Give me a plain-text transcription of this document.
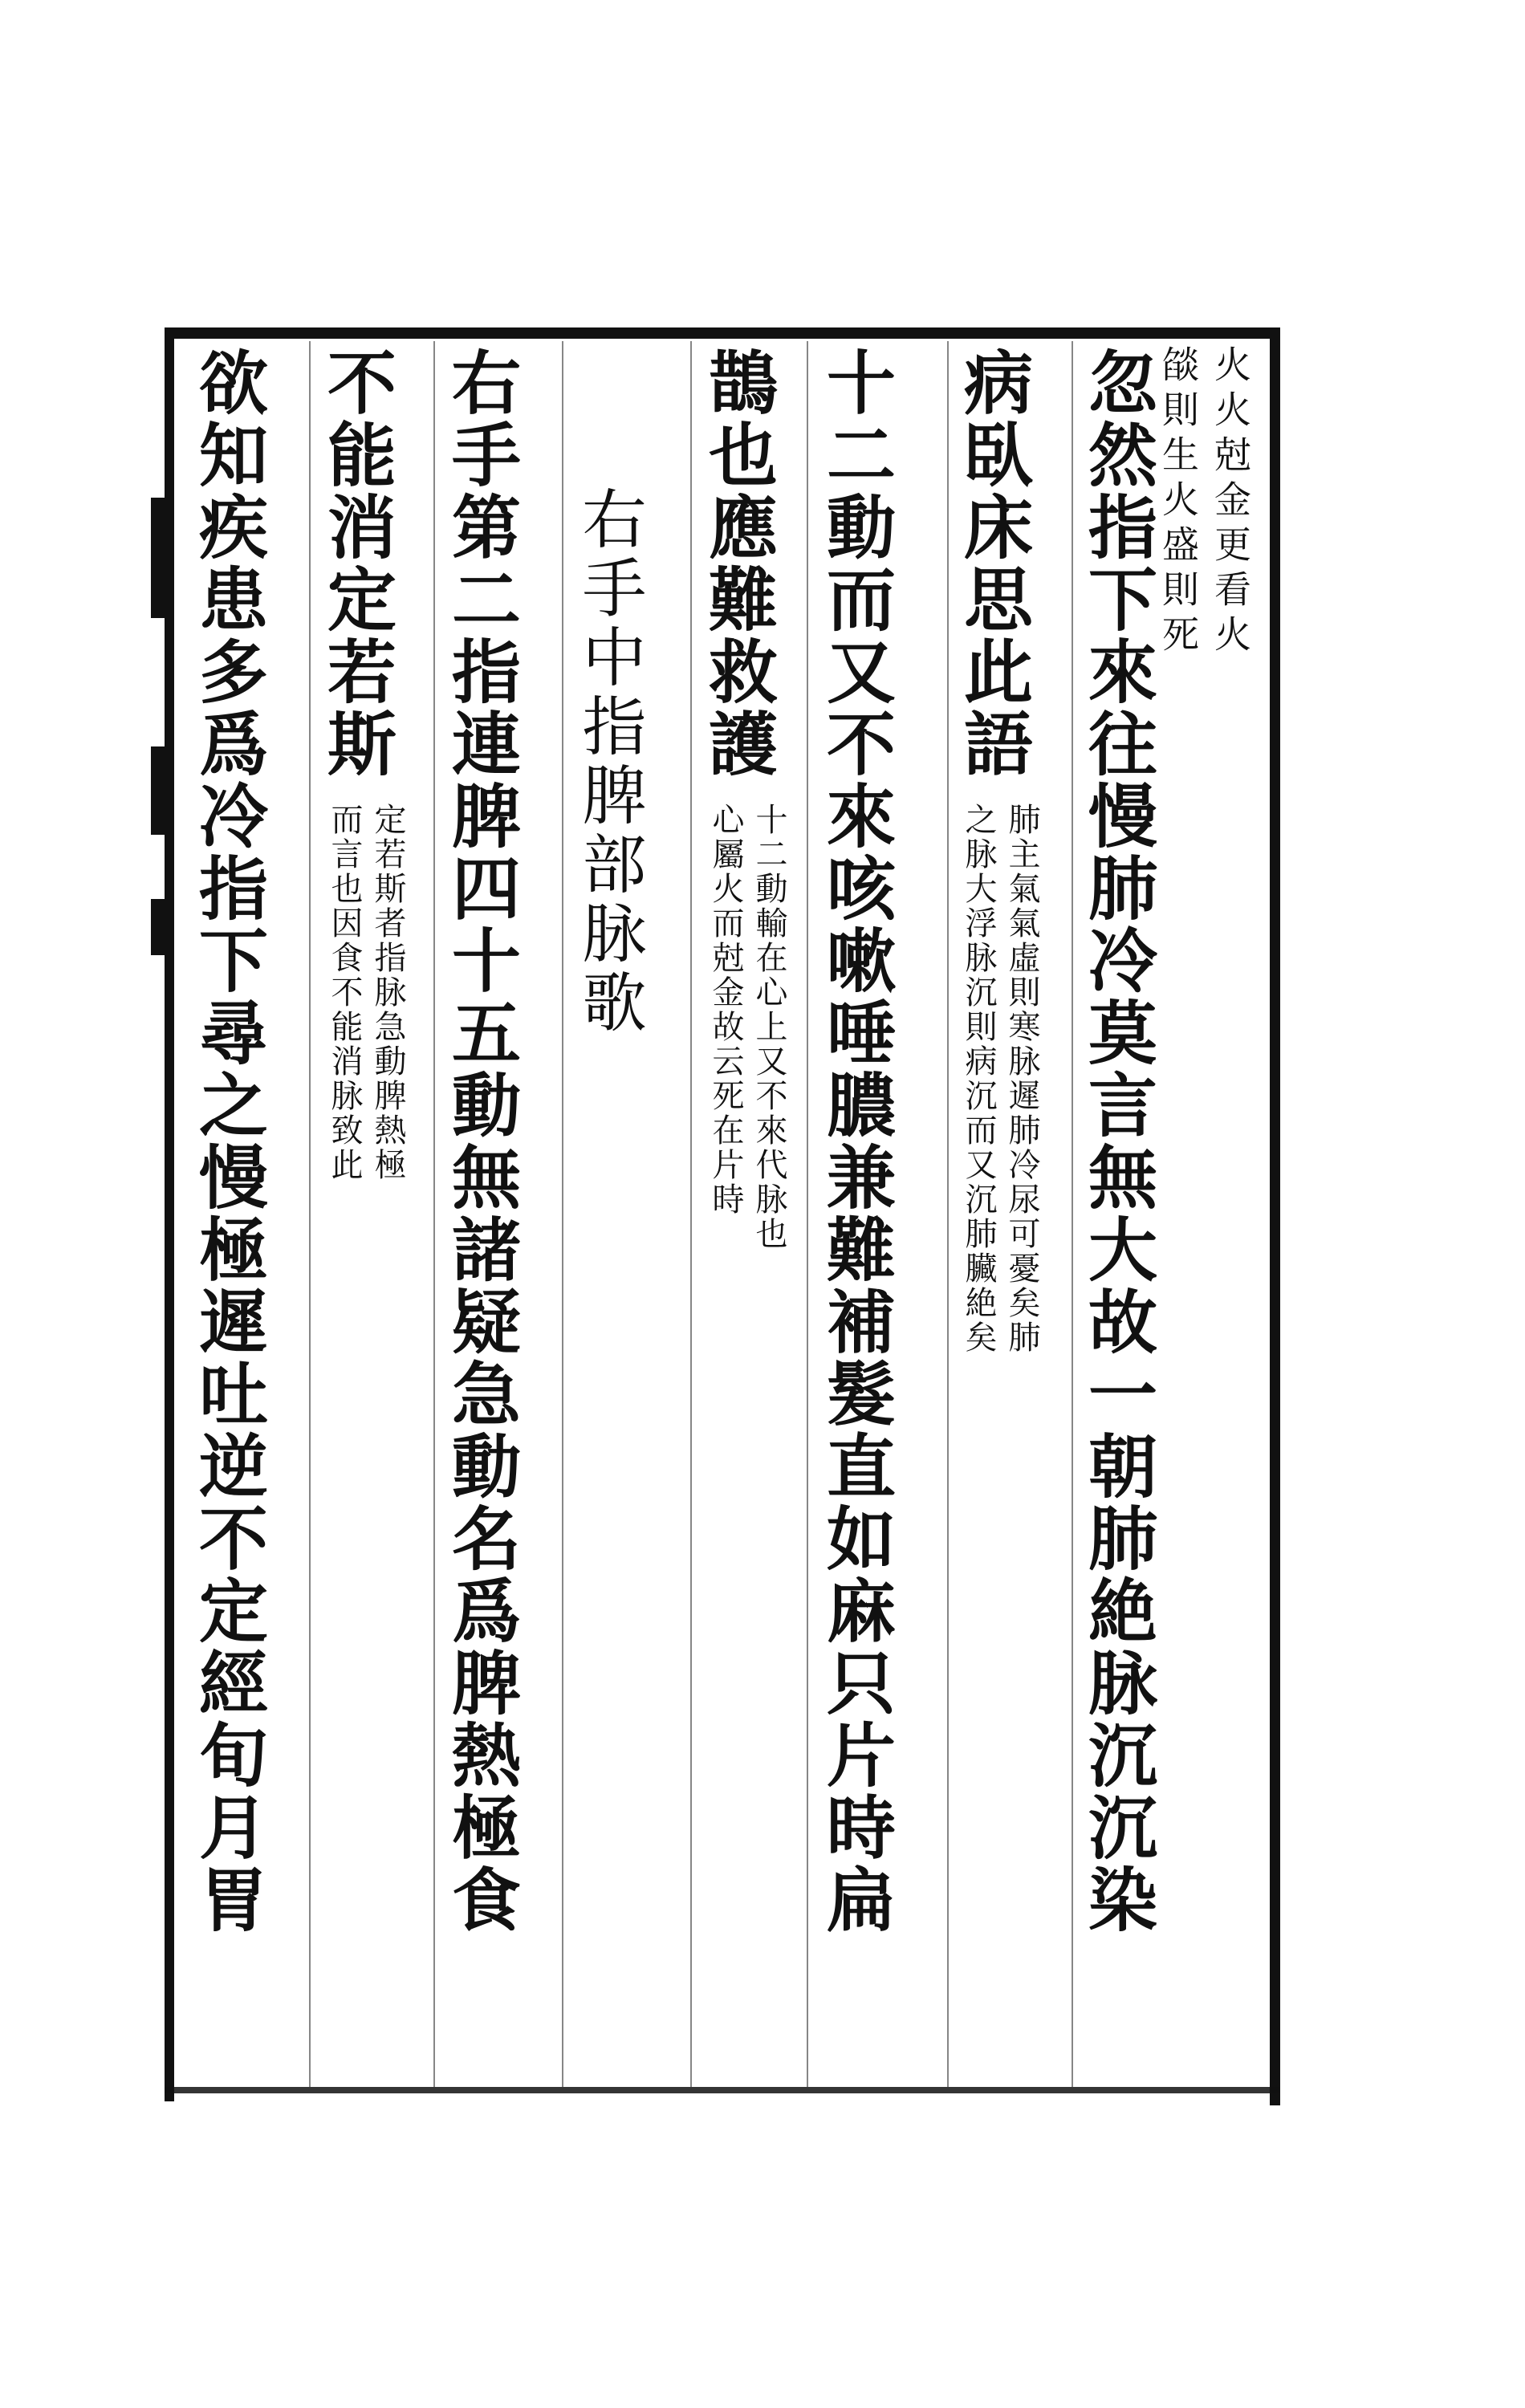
火火尅金更看火
燄則生火盛則死
忽然指下來往慢肺冷莫言無大故一朝肺絶脉沉沉染
病臥床思此語
肺主氣氣虛則寒脉遲肺冷尿可憂矣肺
之脉大浮脉沉則病沉而又沉肺臟絶矣
十二動而又不來咳嗽唾膿兼難補髮直如麻只片時扁
鵲也應難救護
十二動輸在心上又不來代脉也
心屬火而尅金故云死在片時
右手中指脾部脉歌
右手第二指連脾四十五動無諸疑急動名爲脾熱極食
不能消定若斯
定若斯者指脉急動脾熱極
而言也因食不能消脉致此
欲知疾患多爲冷指下尋之慢極遲吐逆不定經旬月胃
